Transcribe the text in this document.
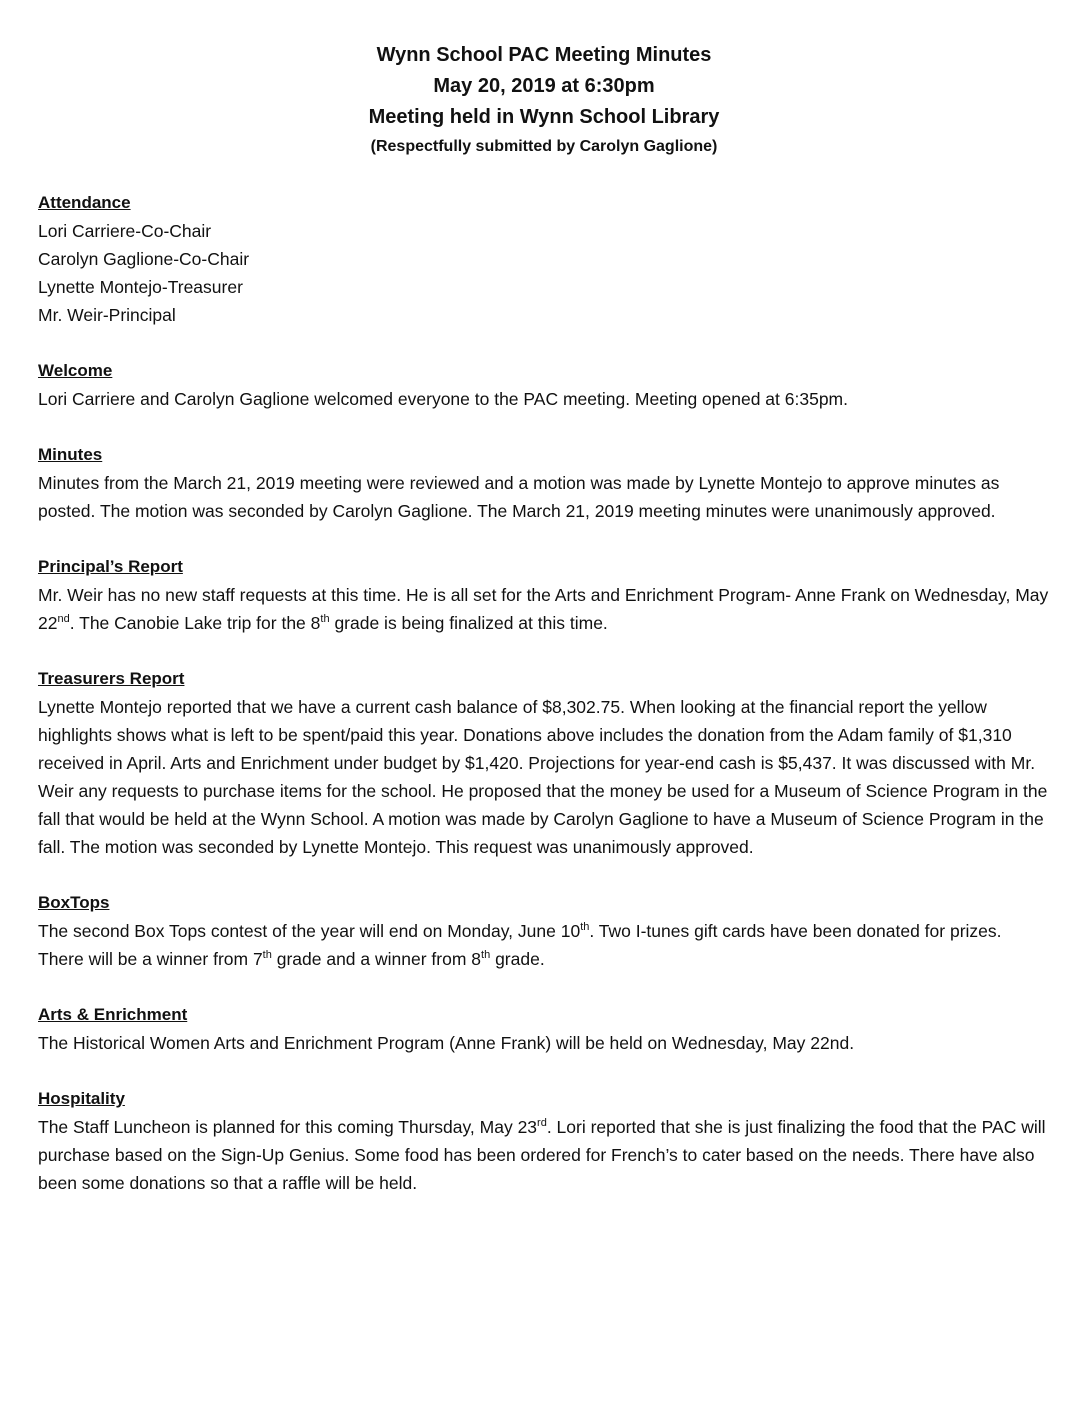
Wynn School PAC Meeting Minutes
May 20, 2019 at 6:30pm
Meeting held in Wynn School Library
(Respectfully submitted by Carolyn Gaglione)
Attendance
Lori Carriere-Co-Chair
Carolyn Gaglione-Co-Chair
Lynette Montejo-Treasurer
Mr. Weir-Principal
Welcome
Lori Carriere and Carolyn Gaglione welcomed everyone to the PAC meeting. Meeting opened at 6:35pm.
Minutes
Minutes from the March 21, 2019 meeting were reviewed and a motion was made by Lynette Montejo to approve minutes as posted. The motion was seconded by Carolyn Gaglione. The March 21, 2019 meeting minutes were unanimously approved.
Principal’s Report
Mr. Weir has no new staff requests at this time. He is all set for the Arts and Enrichment Program- Anne Frank on Wednesday, May 22nd. The Canobie Lake trip for the 8th grade is being finalized at this time.
Treasurers Report
Lynette Montejo reported that we have a current cash balance of $8,302.75. When looking at the financial report the yellow highlights shows what is left to be spent/paid this year. Donations above includes the donation from the Adam family of $1,310 received in April. Arts and Enrichment under budget by $1,420. Projections for year-end cash is $5,437. It was discussed with Mr. Weir any requests to purchase items for the school. He proposed that the money be used for a Museum of Science Program in the fall that would be held at the Wynn School. A motion was made by Carolyn Gaglione to have a Museum of Science Program in the fall. The motion was seconded by Lynette Montejo. This request was unanimously approved.
BoxTops
The second Box Tops contest of the year will end on Monday, June 10th. Two I-tunes gift cards have been donated for prizes. There will be a winner from 7th grade and a winner from 8th grade.
Arts & Enrichment
The Historical Women Arts and Enrichment Program (Anne Frank) will be held on Wednesday, May 22nd.
Hospitality
The Staff Luncheon is planned for this coming Thursday, May 23rd. Lori reported that she is just finalizing the food that the PAC will purchase based on the Sign-Up Genius. Some food has been ordered for French’s to cater based on the needs. There have also been some donations so that a raffle will be held.
